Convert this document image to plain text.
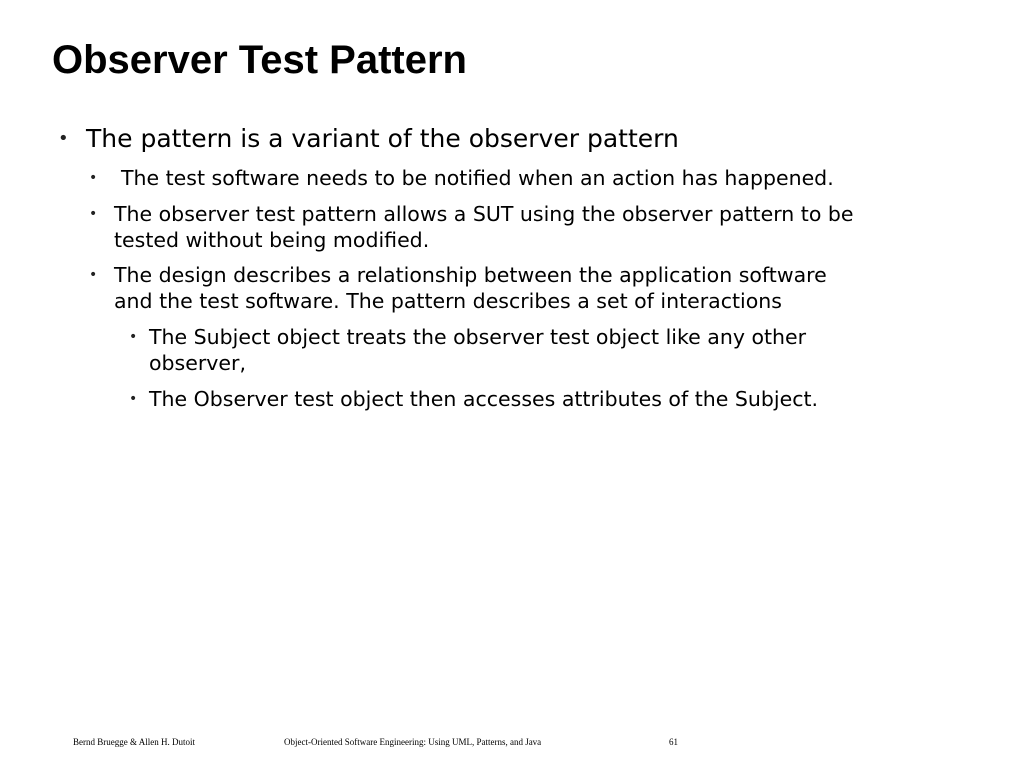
Observer Test Pattern
• The pattern is a variant of the observer pattern
• The test software needs to be notified when an action has happened.
• The observer test pattern allows a SUT using the observer pattern to be
tested without being modified.
• The design describes a relationship between the application software
and the test software. The pattern describes a set of interactions
• The Subject object treats the observer test object like any other
observer,
• The Observer test object then accesses attributes of the Subject.
Bernd Bruegge & Allen H. Dutoit	Object-Oriented Software Engineering: Using UML, Patterns, and Java	61
